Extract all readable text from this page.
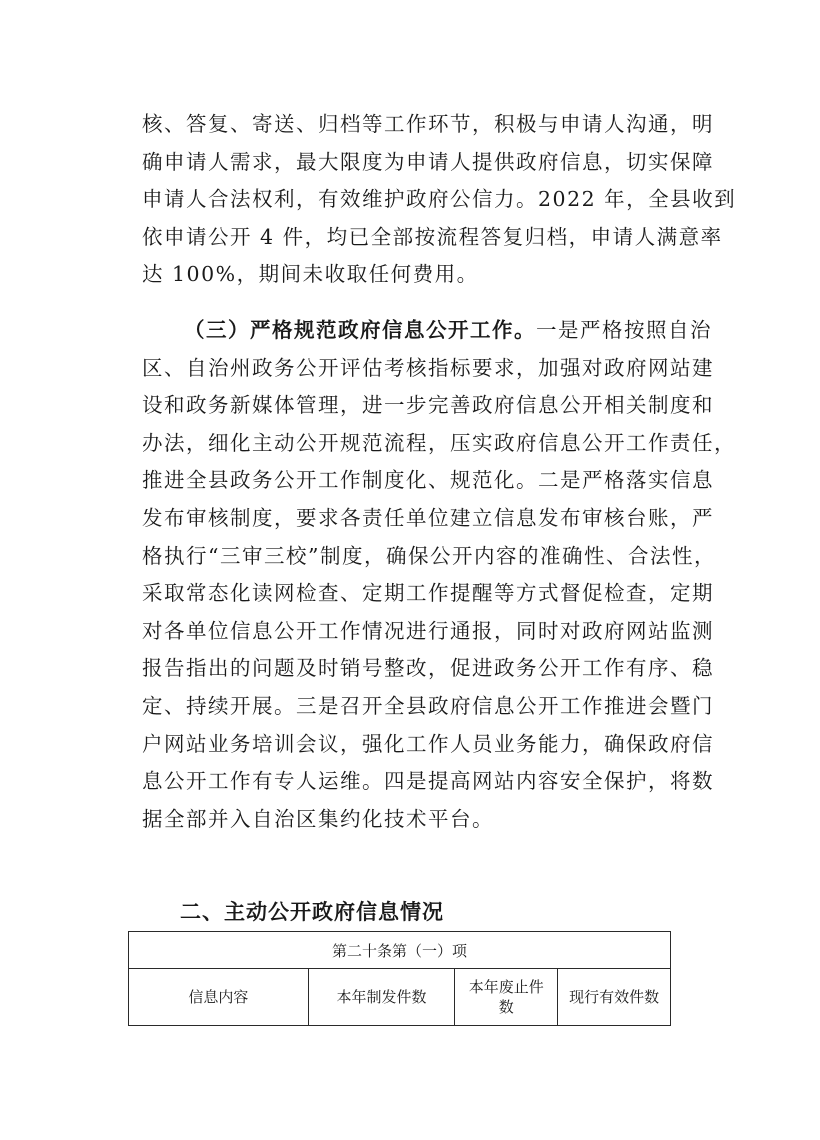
核、答复、寄送、归档等工作环节，积极与申请人沟通，明
确申请人需求，最大限度为申请人提供政府信息，切实保障
申请人合法权利，有效维护政府公信力。2022 年，全县收到
依申请公开 4 件，均已全部按流程答复归档，申请人满意率
达 100%，期间未收取任何费用。
（三）严格规范政府信息公开工作。一是严格按照自治
区、自治州政务公开评估考核指标要求，加强对政府网站建
设和政务新媒体管理，进一步完善政府信息公开相关制度和
办法，细化主动公开规范流程，压实政府信息公开工作责任，
推进全县政务公开工作制度化、规范化。二是严格落实信息
发布审核制度，要求各责任单位建立信息发布审核台账，严
格执行“三审三校”制度，确保公开内容的准确性、合法性，
采取常态化读网检查、定期工作提醒等方式督促检查，定期
对各单位信息公开工作情况进行通报，同时对政府网站监测
报告指出的问题及时销号整改，促进政务公开工作有序、稳
定、持续开展。三是召开全县政府信息公开工作推进会暨门
户网站业务培训会议，强化工作人员业务能力，确保政府信
息公开工作有专人运维。四是提高网站内容安全保护，将数
据全部并入自治区集约化技术平台。
二、主动公开政府信息情况
第二十条第（一）项
信息内容	本年制发件数	本年废止件
数	现行有效件数
